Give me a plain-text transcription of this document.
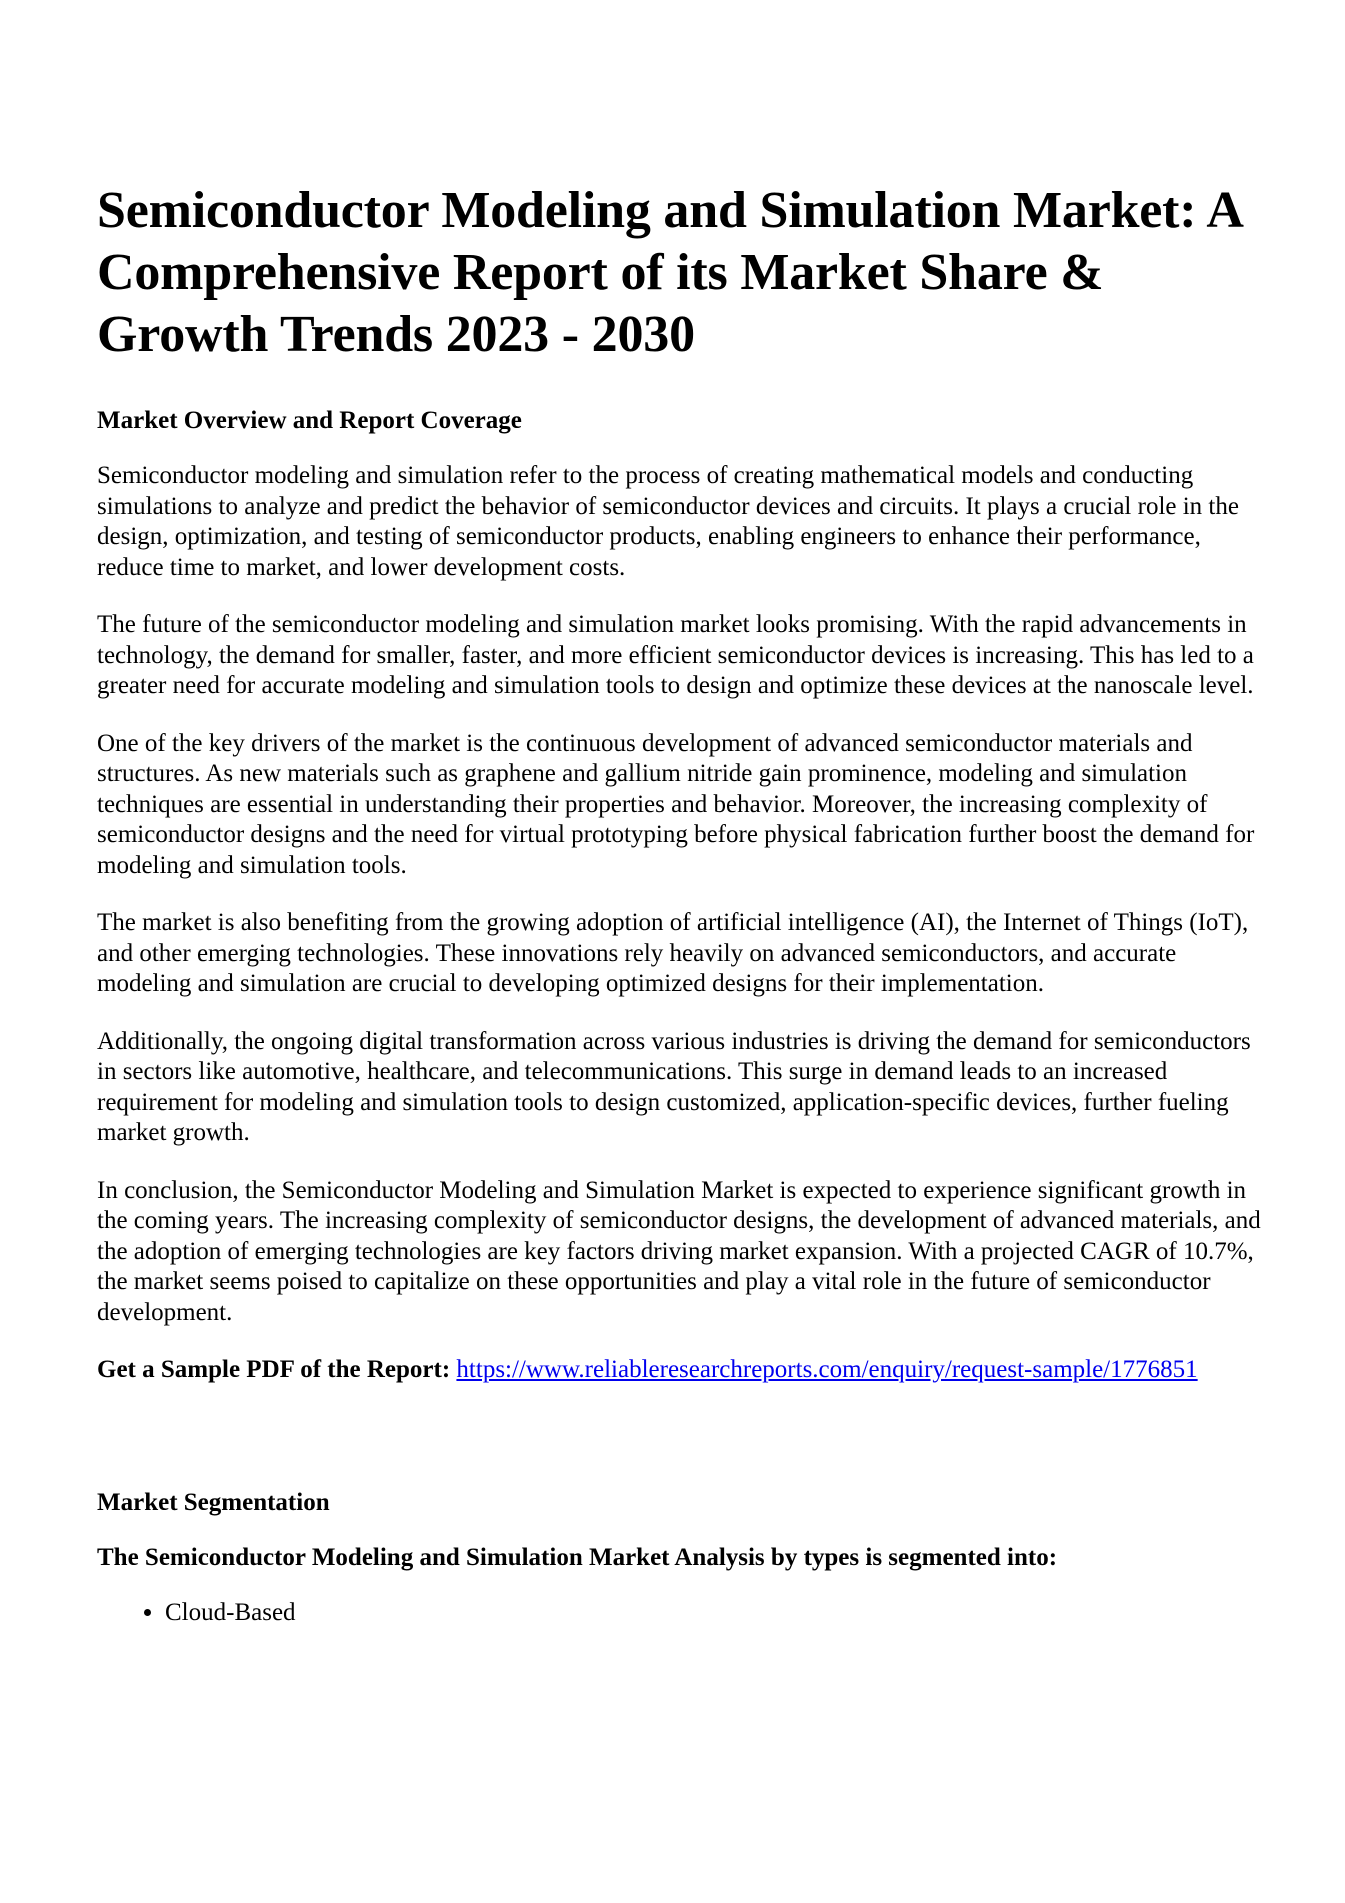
Semiconductor Modeling and Simulation Market: A Comprehensive Report of its Market Share & Growth Trends 2023 - 2030
Market Overview and Report Coverage

Semiconductor modeling and simulation refer to the process of creating mathematical models and conducting simulations to analyze and predict the behavior of semiconductor devices and circuits. It plays a crucial role in the design, optimization, and testing of semiconductor products, enabling engineers to enhance their performance, reduce time to market, and lower development costs.

The future of the semiconductor modeling and simulation market looks promising. With the rapid advancements in technology, the demand for smaller, faster, and more efficient semiconductor devices is increasing. This has led to a greater need for accurate modeling and simulation tools to design and optimize these devices at the nanoscale level.

One of the key drivers of the market is the continuous development of advanced semiconductor materials and structures. As new materials such as graphene and gallium nitride gain prominence, modeling and simulation techniques are essential in understanding their properties and behavior. Moreover, the increasing complexity of semiconductor designs and the need for virtual prototyping before physical fabrication further boost the demand for modeling and simulation tools.

The market is also benefiting from the growing adoption of artificial intelligence (AI), the Internet of Things (IoT), and other emerging technologies. These innovations rely heavily on advanced semiconductors, and accurate modeling and simulation are crucial to developing optimized designs for their implementation.

Additionally, the ongoing digital transformation across various industries is driving the demand for semiconductors in sectors like automotive, healthcare, and telecommunications. This surge in demand leads to an increased requirement for modeling and simulation tools to design customized, application-specific devices, further fueling market growth.

In conclusion, the Semiconductor Modeling and Simulation Market is expected to experience significant growth in the coming years. The increasing complexity of semiconductor designs, the development of advanced materials, and the adoption of emerging technologies are key factors driving market expansion. With a projected CAGR of 10.7%, the market seems poised to capitalize on these opportunities and play a vital role in the future of semiconductor development.

Get a Sample PDF of the Report: https://www.reliableresearchreports.com/enquiry/request-sample/1776851

Market Segmentation
The Semiconductor Modeling and Simulation Market Analysis by types is segmented into:
• Cloud-Based
